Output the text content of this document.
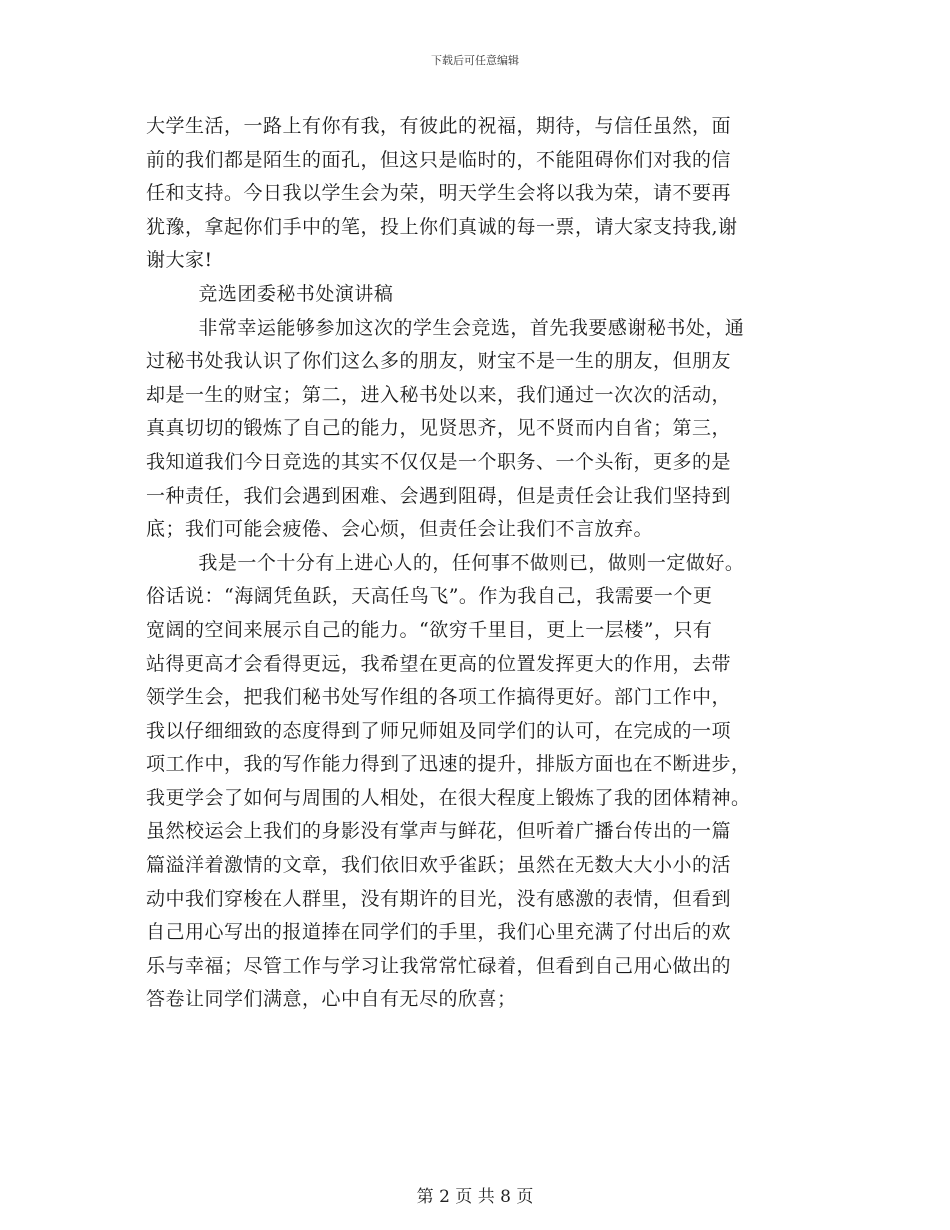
下载后可任意编辑
大学生活，一路上有你有我，有彼此的祝福，期待，与信任虽然，面
前的我们都是陌生的面孔，但这只是临时的，不能阻碍你们对我的信
任和支持。今日我以学生会为荣，明天学生会将以我为荣，请不要再
犹豫，拿起你们手中的笔，投上你们真诚的每一票，请大家支持我,谢
谢大家!
竞选团委秘书处演讲稿
非常幸运能够参加这次的学生会竞选，首先我要感谢秘书处，通
过秘书处我认识了你们这么多的朋友，财宝不是一生的朋友，但朋友
却是一生的财宝；第二，进入秘书处以来，我们通过一次次的活动，
真真切切的锻炼了自己的能力，见贤思齐，见不贤而内自省；第三，
我知道我们今日竞选的其实不仅仅是一个职务、一个头衔，更多的是
一种责任，我们会遇到困难、会遇到阻碍，但是责任会让我们坚持到
底；我们可能会疲倦、会心烦，但责任会让我们不言放弃。
我是一个十分有上进心人的，任何事不做则已，做则一定做好。
俗话说：“海阔凭鱼跃，天高任鸟飞”。作为我自己，我需要一个更
宽阔的空间来展示自己的能力。“欲穷千里目，更上一层楼”，只有
站得更高才会看得更远，我希望在更高的位置发挥更大的作用，去带
领学生会，把我们秘书处写作组的各项工作搞得更好。部门工作中，
我以仔细细致的态度得到了师兄师姐及同学们的认可，在完成的一项
项工作中，我的写作能力得到了迅速的提升，排版方面也在不断进步，
我更学会了如何与周围的人相处，在很大程度上锻炼了我的团体精神。
虽然校运会上我们的身影没有掌声与鲜花，但听着广播台传出的一篇
篇溢洋着激情的文章，我们依旧欢乎雀跃；虽然在无数大大小小的活
动中我们穿梭在人群里，没有期许的目光，没有感激的表情，但看到
自己用心写出的报道捧在同学们的手里，我们心里充满了付出后的欢
乐与幸福；尽管工作与学习让我常常忙碌着，但看到自己用心做出的
答卷让同学们满意，心中自有无尽的欣喜；
第 2 页 共 8 页
